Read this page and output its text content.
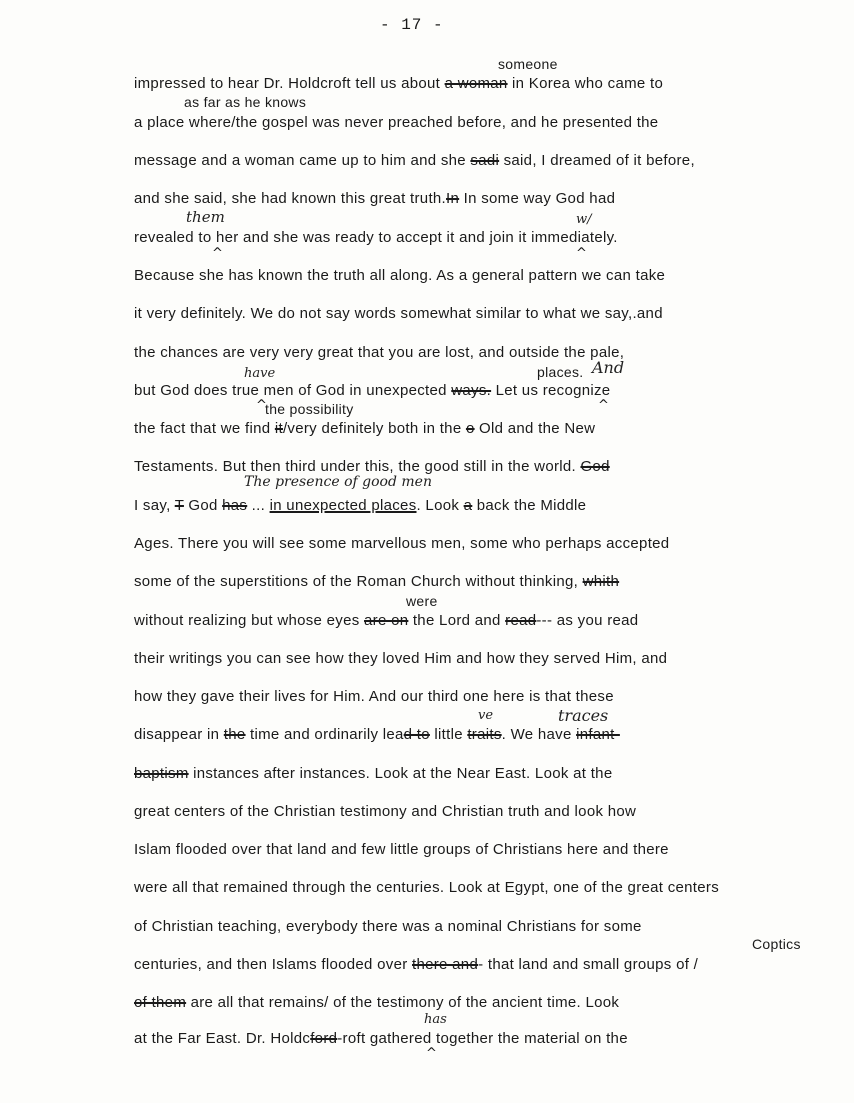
- 17 -
someone
as far as he knows
places.
the possibility
were
Coptics
them	w/
have	And
The presence of good men
ve	traces
has
^	^
^	^
^
impressed to hear Dr. Holdcroft tell us about a woman in Korea who came to
a place where/the gospel was never preached before, and he presented the
message and a woman came up to him and she sadi said, I dreamed of it before,
and she said, she had known this great truth.In In some way God had
revealed to her and she was ready to accept it and join it immediately.
Because she has known the truth all along. As a general pattern we can take
it very definitely. We do not say words somewhat similar to what we say,.and
the chances are very very great that you are lost, and outside the pale,
but God does true men of God in unexpected ways. Let us recognize
the fact that we find it/very definitely both in the o Old and the New
Testaments. But then third under this, the good still in the world. God
I say, T God has ... in unexpected places. Look a back the Middle
Ages. There you will see some marvellous men, some who perhaps accepted
some of the superstitions of the Roman Church without thinking, whith
without realizing but whose eyes are on the Lord and read--- as you read
their writings you can see how they loved Him and how they served Him, and
how they gave their lives for Him. And our third one here is that these
disappear in the time and ordinarily lead to little traits. We have infant-
baptism instances after instances. Look at the Near East. Look at the
great centers of the Christian testimony and Christian truth and look how
Islam flooded over that land and few little groups of Christians here and there
were all that remained through the centuries. Look at Egypt, one of the great centers
of Christian teaching, everybody there was a nominal Christians for some
centuries, and then Islams flooded over there and- that land and small groups of /
of them are all that remains/ of the testimony of the ancient time. Look
at the Far East. Dr. Holdcford-roft gathered together the material on the
